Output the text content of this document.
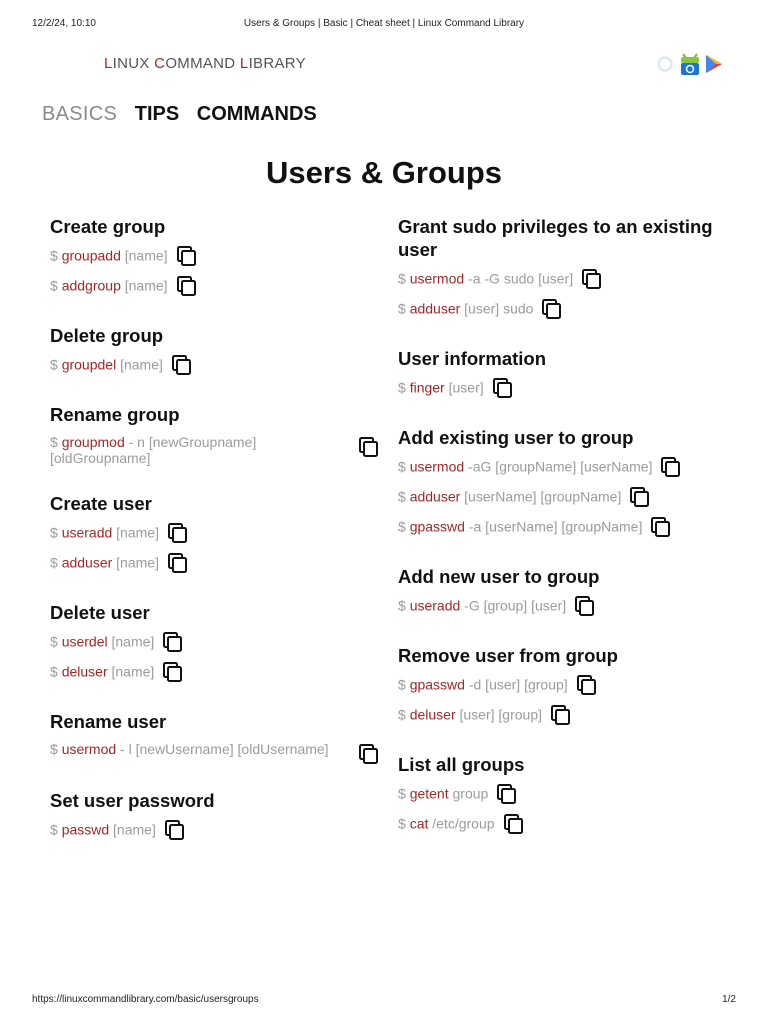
12/2/24, 10:10	Users & Groups | Basic | Cheat sheet | Linux Command Library
LINUX COMMAND LIBRARY
BASICS TIPS COMMANDS
Users & Groups
Create group
$ groupadd [name]
$ addgroup [name]
Delete group
$ groupdel [name]
Rename group
$ groupmod - n [newGroupname] [oldGroupname]
Create user
$ useradd [name]
$ adduser [name]
Delete user
$ userdel [name]
$ deluser [name]
Rename user
$ usermod - l [newUsername] [oldUsername]
Set user password
$ passwd [name]
Grant sudo privileges to an existing user
$ usermod -a -G sudo [user]
$ adduser [user] sudo
User information
$ finger [user]
Add existing user to group
$ usermod -aG [groupName] [userName]
$ adduser [userName] [groupName]
$ gpasswd -a [userName] [groupName]
Add new user to group
$ useradd -G [group] [user]
Remove user from group
$ gpasswd -d [user] [group]
$ deluser [user] [group]
List all groups
$ getent group
$ cat /etc/group
https://linuxcommandlibrary.com/basic/usersgroups	1/2
